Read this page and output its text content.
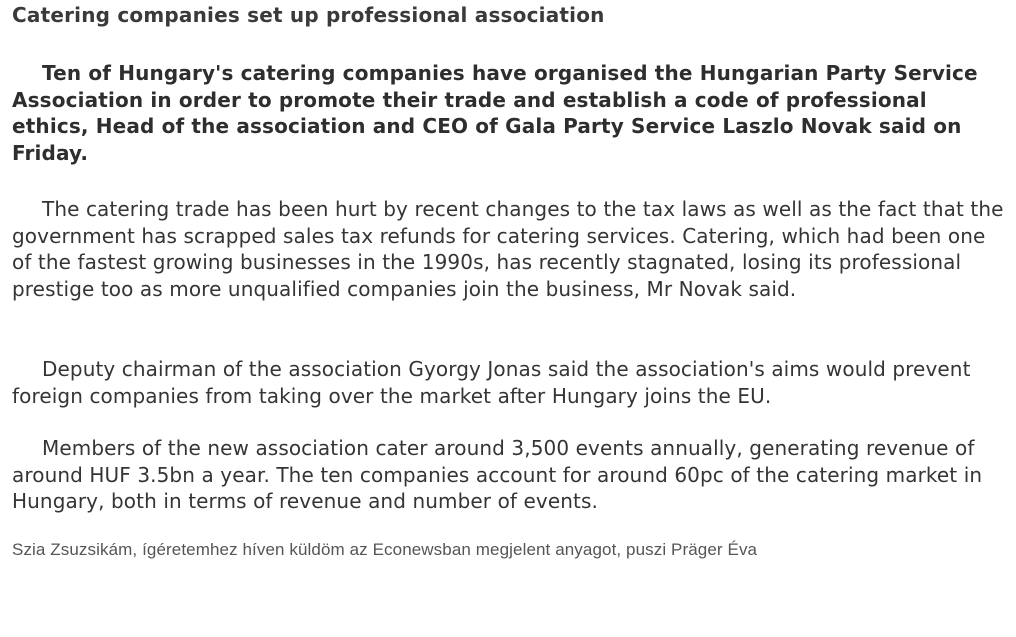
Catering companies set up professional association

Ten of Hungary's catering companies have organised the Hungarian Party Service Association in order to promote their trade and establish a code of professional ethics, Head of the association and CEO of Gala Party Service Laszlo Novak said on Friday.

The catering trade has been hurt by recent changes to the tax laws as well as the fact that the government has scrapped sales tax refunds for catering services. Catering, which had been one of the fastest growing businesses in the 1990s, has recently stagnated, losing its professional prestige too as more unqualified companies join the business, Mr Novak said.

Deputy chairman of the association Gyorgy Jonas said the association's aims would prevent foreign companies from taking over the market after Hungary joins the EU.

Members of the new association cater around 3,500 events annually, generating revenue of around HUF 3.5bn a year. The ten companies account for around 60pc of the catering market in Hungary, both in terms of revenue and number of events.

Szia Zsuzsikám, ígéretemhez híven küldöm az Econewsban megjelent anyagot, puszi Präger Éva
